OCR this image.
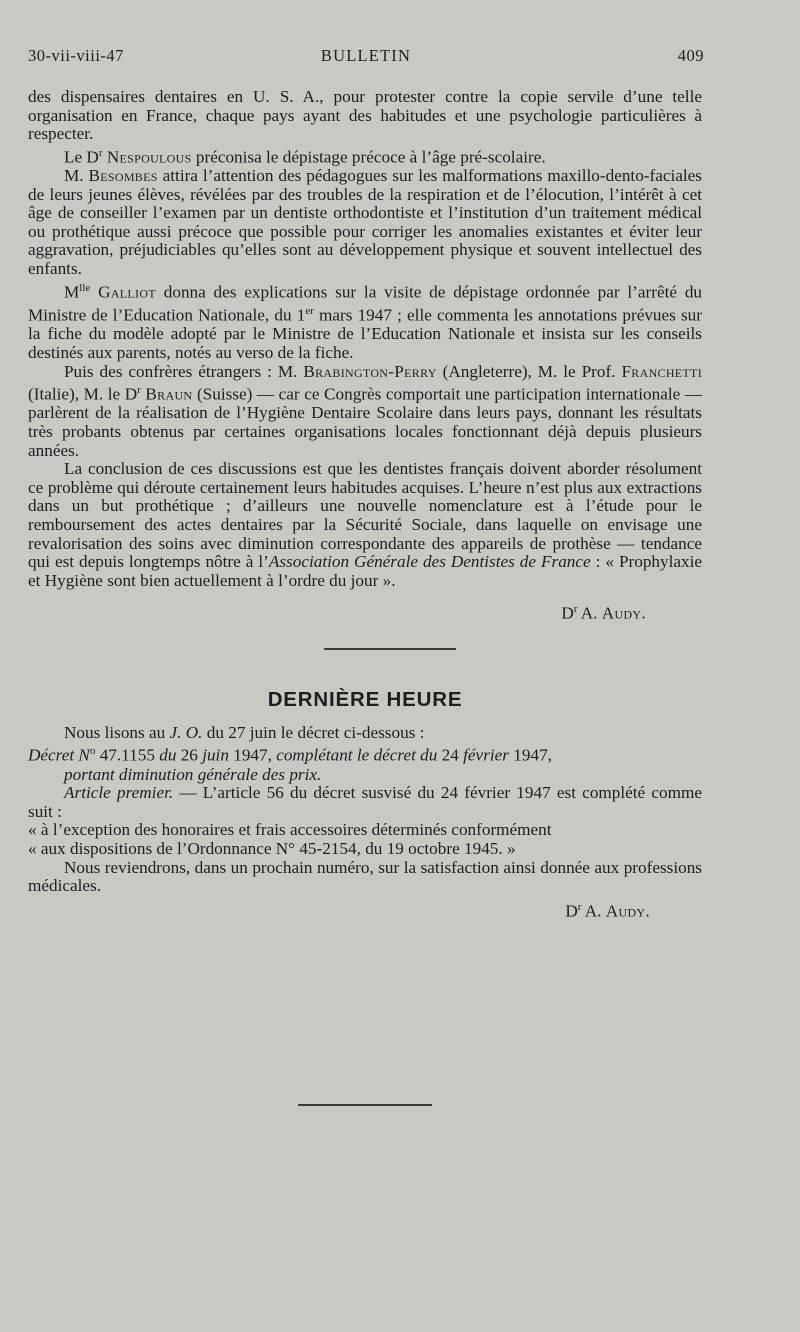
30-vii-viii-47	BULLETIN	409

des dispensaires dentaires en U. S. A., pour protester contre la copie servile d’une telle organisation en France, chaque pays ayant des habitudes et une psychologie particulières à respecter.

Le $D^r$ Nespoulous préconisa le dépistage précoce à l’âge pré-scolaire.

M. Besombes attira l’attention des pédagogues sur les malformations maxillo-dento-faciales de leurs jeunes élèves, révélées par des troubles de la respiration et de l’élocution, l’intérêt à cet âge de conseiller l’examen par un dentiste orthodontiste et l’institution d’un traitement médical ou prothétique aussi précoce que possible pour corriger les anomalies existantes et éviter leur aggravation, préjudiciables qu’elles sont au développement physique et souvent intellectuel des enfants.

$M^{lle}$ Galliot donna des explications sur la visite de dépistage ordonnée par l’arrêté du Ministre de l’Education Nationale, du 1er mars 1947 ; elle commenta les annotations prévues sur la fiche du modèle adopté par le Ministre de l’Education Nationale et insista sur les conseils destinés aux parents, notés au verso de la fiche.

Puis des confrères étrangers : M. Brabington-Perry (Angleterre), M. le Prof. Franchetti (Italie), M. le $D^r$ Braun (Suisse) — car ce Congrès comportait une participation internationale — parlèrent de la réalisation de l’Hygiène Dentaire Scolaire dans leurs pays, donnant les résultats très probants obtenus par certaines organisations locales fonctionnant déjà depuis plusieurs années.

La conclusion de ces discussions est que les dentistes français doivent aborder résolument ce problème qui déroute certainement leurs habitudes acquises. L’heure n’est plus aux extractions dans un but prothétique ; d’ailleurs une nouvelle nomenclature est à l’étude pour le remboursement des actes dentaires par la Sécurité Sociale, dans laquelle on envisage une revalorisation des soins avec diminution correspondante des appareils de prothèse — tendance qui est depuis longtemps nôtre à l’Association Générale des Dentistes de France : « Prophylaxie et Hygiène sont bien actuellement à l’ordre du jour ».

$D^r$ A. Audy.
DERNIÈRE HEURE

Nous lisons au J. O. du 27 juin le décret ci-dessous :

Décret $N^o$ 47.1155 du 26 juin 1947, complétant le décret du 24 février 1947,
portant diminution générale des prix.

Article premier. — L’article 56 du décret susvisé du 24 février 1947 est complété comme suit :

« à l’exception des honoraires et frais accessoires déterminés conformément

« aux dispositions de l’Ordonnance N° 45-2154, du 19 octobre 1945. »

Nous reviendrons, dans un prochain numéro, sur la satisfaction ainsi donnée aux professions médicales.

$D^r$ A. Audy.
